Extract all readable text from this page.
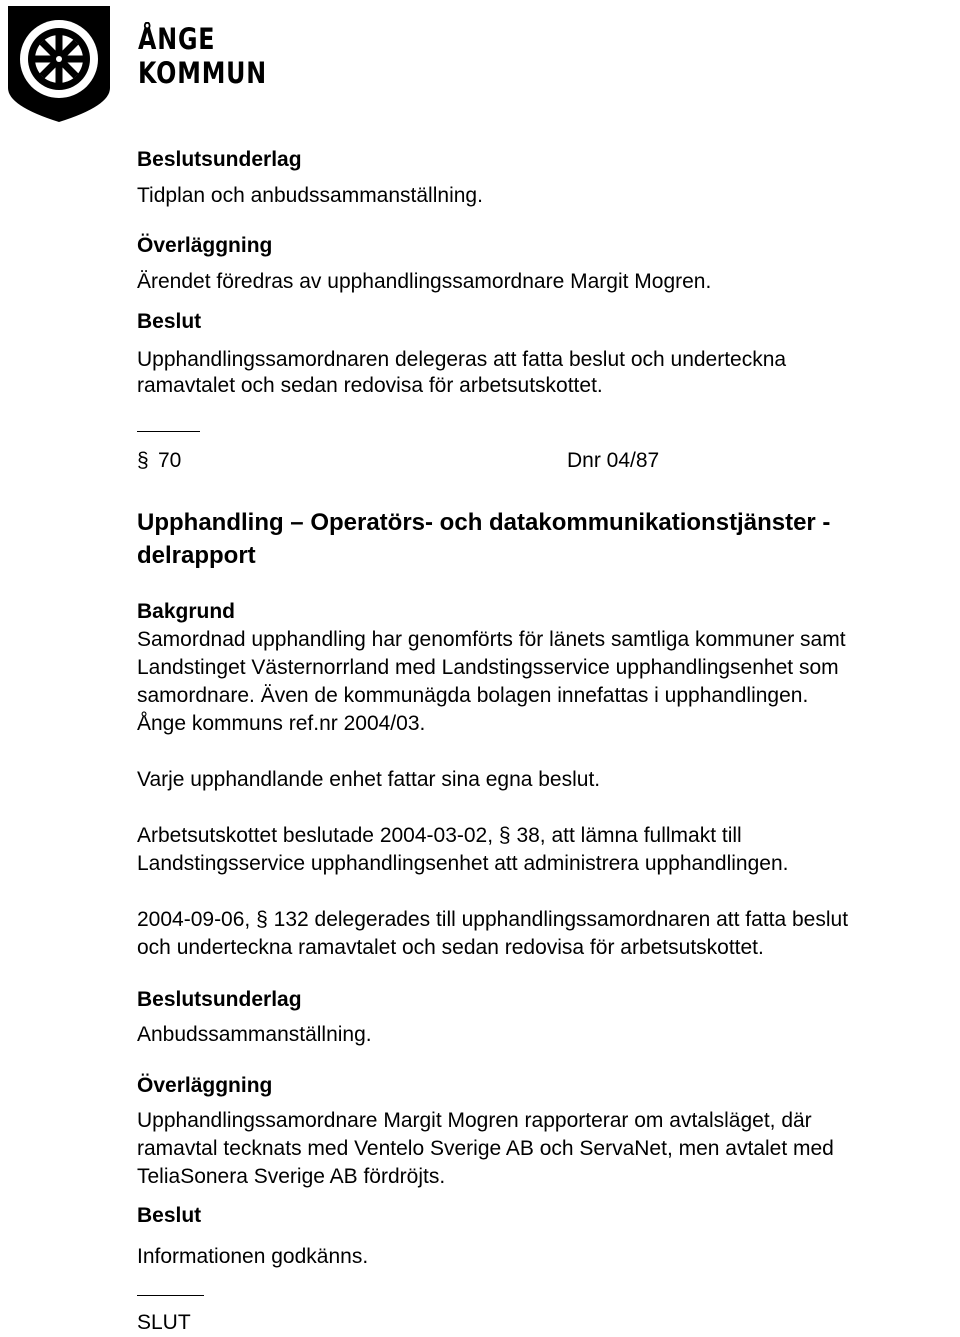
ÅNGE
KOMMUN
Beslutsunderlag
Tidplan och anbudssammanställning.
Överläggning
Ärendet föredras av upphandlingssamordnare Margit Mogren.
Beslut
Upphandlingssamordnaren delegeras att fatta beslut och underteckna
ramavtalet och sedan redovisa för arbetsutskottet.
§ 70	Dnr 04/87
Upphandling – Operatörs- och datakommunikationstjänster -
delrapport
Bakgrund
Samordnad upphandling har genomförts för länets samtliga kommuner samt
Landstinget Västernorrland med Landstingsservice upphandlingsenhet som
samordnare. Även de kommunägda bolagen innefattas i upphandlingen.
Ånge kommuns ref.nr 2004/03.
Varje upphandlande enhet fattar sina egna beslut.
Arbetsutskottet beslutade 2004-03-02, § 38, att lämna fullmakt till
Landstingsservice upphandlingsenhet att administrera upphandlingen.
2004-09-06, § 132 delegerades till upphandlingssamordnaren att fatta beslut
och underteckna ramavtalet och sedan redovisa för arbetsutskottet.
Beslutsunderlag
Anbudssammanställning.
Överläggning
Upphandlingssamordnare Margit Mogren rapporterar om avtalsläget, där
ramavtal tecknats med Ventelo Sverige AB och ServaNet, men avtalet med
TeliaSonera Sverige AB fördröjts.
Beslut
Informationen godkänns.
SLUT
